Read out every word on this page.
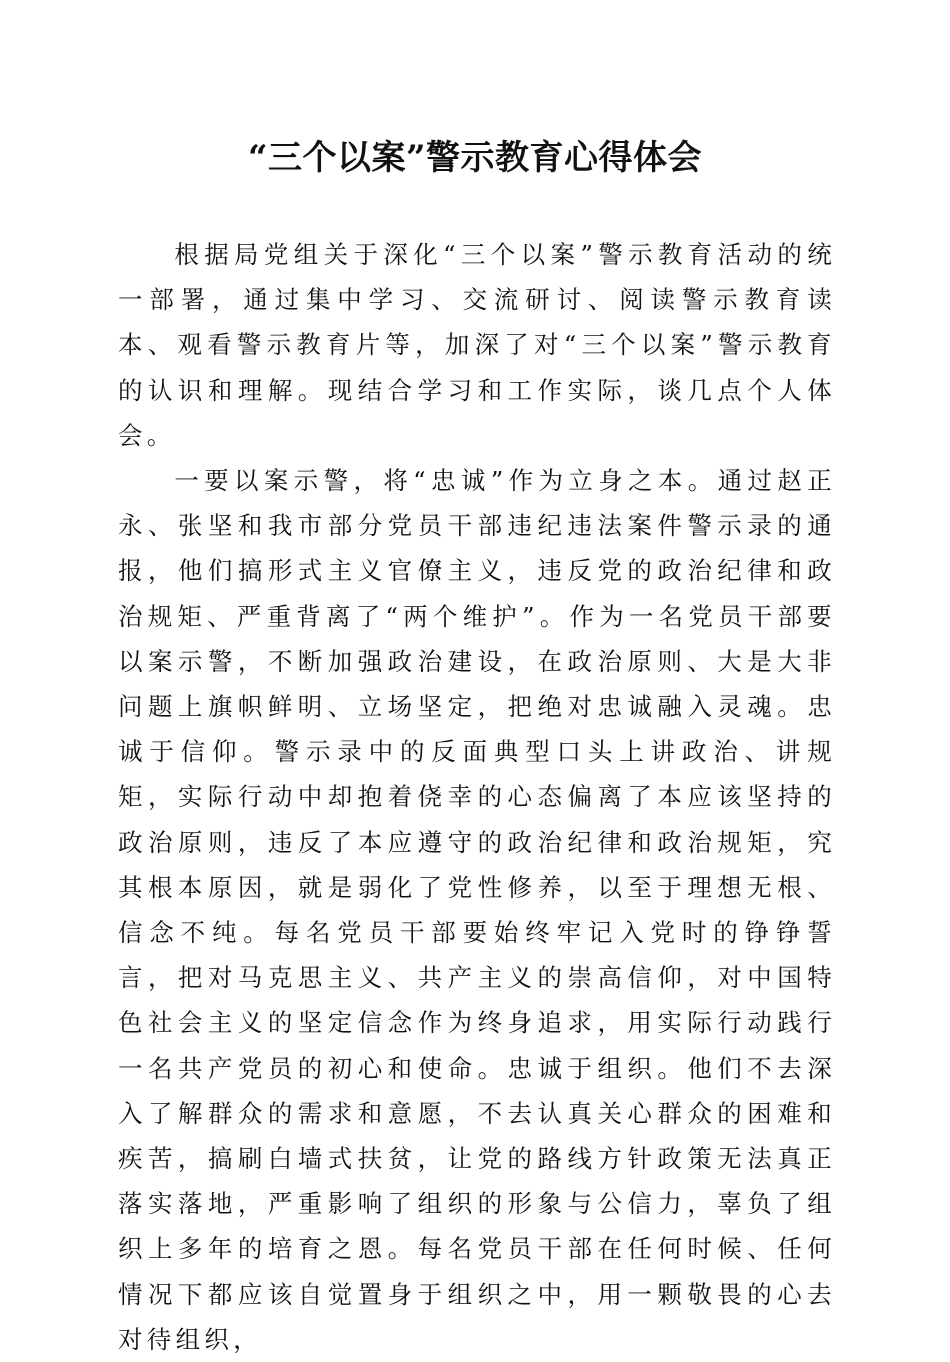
“三个以案”警示教育心得体会

根据局党组关于深化“三个以案”警示教育活动的统一部署，通过集中学习、交流研讨、阅读警示教育读本、观看警示教育片等，加深了对“三个以案”警示教育的认识和理解。现结合学习和工作实际，谈几点个人体会。

一要以案示警，将“忠诚”作为立身之本。通过赵正永、张坚和我市部分党员干部违纪违法案件警示录的通报，他们搞形式主义官僚主义，违反党的政治纪律和政治规矩、严重背离了“两个维护”。作为一名党员干部要以案示警，不断加强政治建设，在政治原则、大是大非问题上旗帜鲜明、立场坚定，把绝对忠诚融入灵魂。忠诚于信仰。警示录中的反面典型口头上讲政治、讲规矩，实际行动中却抱着侥幸的心态偏离了本应该坚持的政治原则，违反了本应遵守的政治纪律和政治规矩，究其根本原因，就是弱化了党性修养，以至于理想无根、信念不纯。每名党员干部要始终牢记入党时的铮铮誓言，把对马克思主义、共产主义的崇高信仰，对中国特色社会主义的坚定信念作为终身追求，用实际行动践行一名共产党员的初心和使命。忠诚于组织。他们不去深入了解群众的需求和意愿，不去认真关心群众的困难和疾苦，搞刷白墙式扶贫，让党的路线方针政策无法真正落实落地，严重影响了组织的形象与公信力，辜负了组织上多年的培育之恩。每名党员干部在任何时候、任何情况下都应该自觉置身于组织之中，用一颗敬畏的心去对待组织，
